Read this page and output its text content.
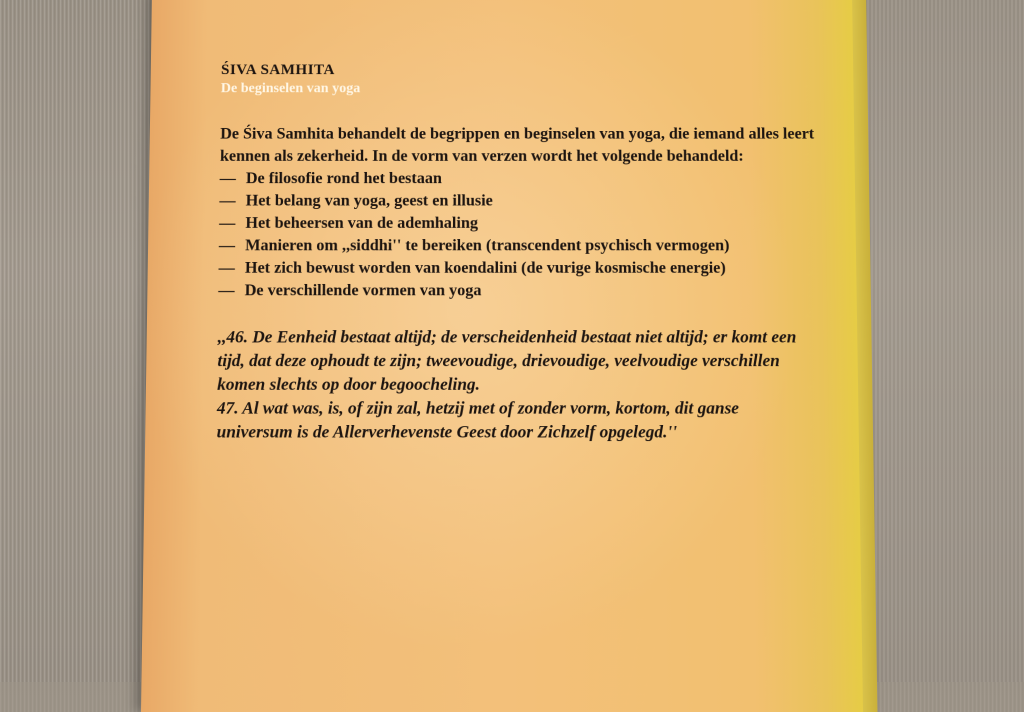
ŚIVA SAMHITA
De beginselen van yoga

De Śiva Samhita behandelt de begrippen en beginselen van yoga, die iemand alles leert kennen als zekerheid. In de vorm van verzen wordt het volgende behandeld:

— De filosofie rond het bestaan
— Het belang van yoga, geest en illusie
— Het beheersen van de ademhaling
— Manieren om ,,siddhi'' te bereiken (transcendent psychisch vermogen)
— Het zich bewust worden van koendalini (de vurige kosmische energie)
— De verschillende vormen van yoga

,,46. De Eenheid bestaat altijd; de verscheidenheid bestaat niet altijd; er komt een tijd, dat deze ophoudt te zijn; tweevoudige, drievoudige, veelvoudige verschillen komen slechts op door begoocheling.

47. Al wat was, is, of zijn zal, hetzij met of zonder vorm, kortom, dit ganse universum is de Allerverhevenste Geest door Zichzelf opgelegd.''
